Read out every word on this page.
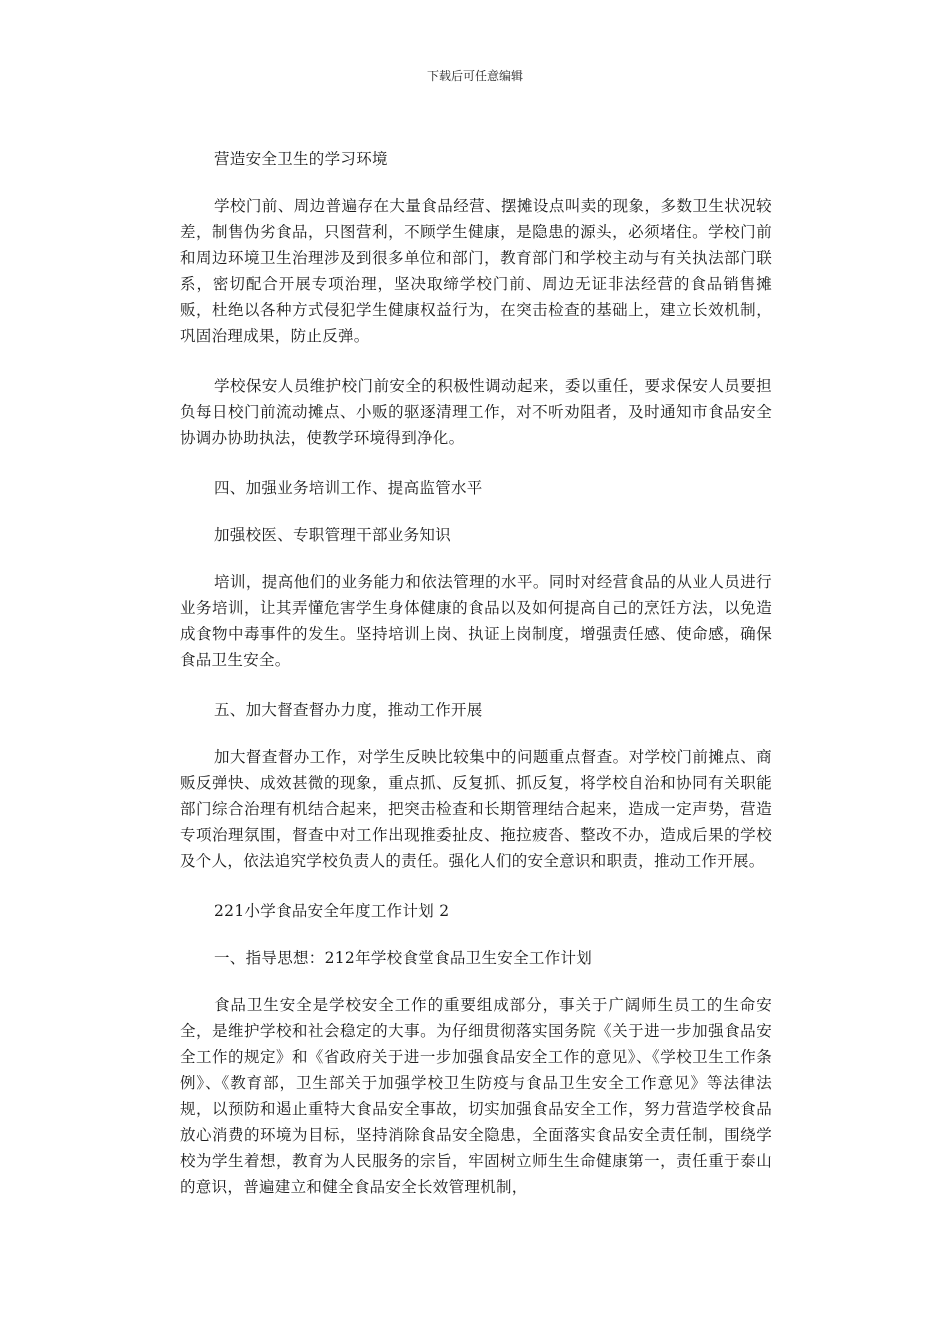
下载后可任意编辑

营造安全卫生的学习环境

学校门前、周边普遍存在大量食品经营、摆摊设点叫卖的现象，多数卫生状况较差，制售伪劣食品，只图营利，不顾学生健康，是隐患的源头，必须堵住。学校门前和周边环境卫生治理涉及到很多单位和部门，教育部门和学校主动与有关执法部门联系，密切配合开展专项治理，坚决取缔学校门前、周边无证非法经营的食品销售摊贩，杜绝以各种方式侵犯学生健康权益行为，在突击检查的基础上，建立长效机制，巩固治理成果，防止反弹。

学校保安人员维护校门前安全的积极性调动起来，委以重任，要求保安人员要担负每日校门前流动摊点、小贩的驱逐清理工作，对不听劝阻者，及时通知市食品安全协调办协助执法，使教学环境得到净化。

四、加强业务培训工作、提高监管水平

加强校医、专职管理干部业务知识

培训，提高他们的业务能力和依法管理的水平。同时对经营食品的从业人员进行业务培训，让其弄懂危害学生身体健康的食品以及如何提高自己的烹饪方法，以免造成食物中毒事件的发生。坚持培训上岗、执证上岗制度，增强责任感、使命感，确保食品卫生安全。

五、加大督查督办力度，推动工作开展

加大督查督办工作，对学生反映比较集中的问题重点督查。对学校门前摊点、商贩反弹快、成效甚微的现象，重点抓、反复抓、抓反复，将学校自治和协同有关职能部门综合治理有机结合起来，把突击检查和长期管理结合起来，造成一定声势，营造专项治理氛围，督查中对工作出现推委扯皮、拖拉疲沓、整改不办，造成后果的学校及个人，依法追究学校负责人的责任。强化人们的安全意识和职责，推动工作开展。

221小学食品安全年度工作计划 2

一、指导思想：212年学校食堂食品卫生安全工作计划

食品卫生安全是学校安全工作的重要组成部分，事关于广阔师生员工的生命安全，是维护学校和社会稳定的大事。为仔细贯彻落实国务院《关于进一步加强食品安全工作的规定》和《省政府关于进一步加强食品安全工作的意见》、《学校卫生工作条例》、《教育部，卫生部关于加强学校卫生防疫与食品卫生安全工作意见》等法律法规，以预防和遏止重特大食品安全事故，切实加强食品安全工作，努力营造学校食品放心消费的环境为目标，坚持消除食品安全隐患，全面落实食品安全责任制，围绕学校为学生着想，教育为人民服务的宗旨，牢固树立师生生命健康第一，责任重于泰山的意识，普遍建立和健全食品安全长效管理机制，
